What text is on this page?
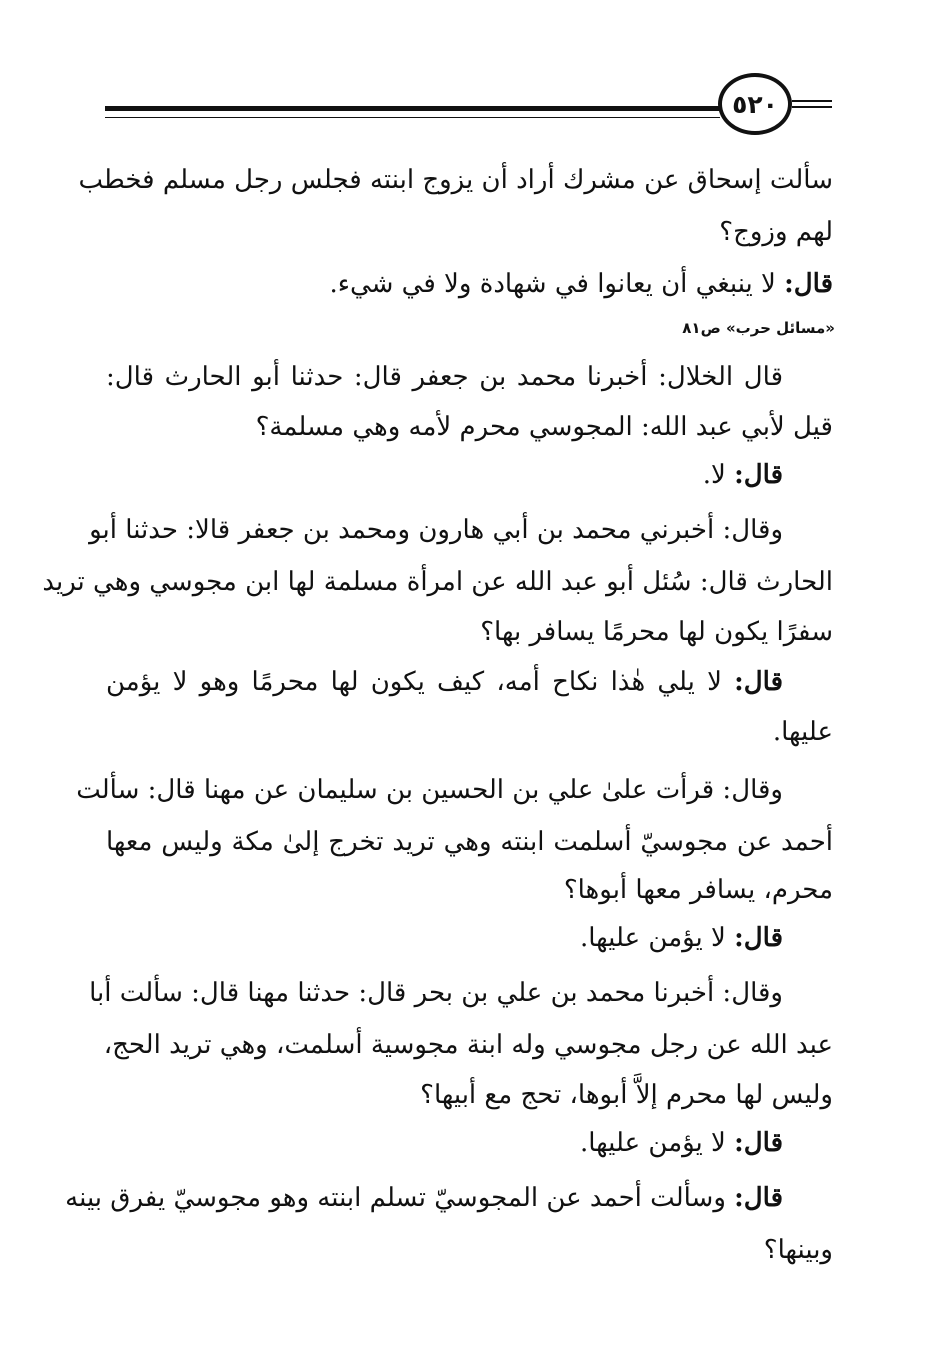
٥٢٠
سألت إسحاق عن مشرك أراد أن يزوج ابنته فجلس رجل مسلم فخطب
لهم وزوج؟
قال: لا ينبغي أن يعانوا في شهادة ولا في شيء.
«مسائل حرب» ص٨١
قال الخلال: أخبرنا محمد بن جعفر قال: حدثنا أبو الحارث قال:
قيل لأبي عبد الله: المجوسي محرم لأمه وهي مسلمة؟
قال: لا.
وقال: أخبرني محمد بن أبي هارون ومحمد بن جعفر قالا: حدثنا أبو
الحارث قال: سُئل أبو عبد الله عن امرأة مسلمة لها ابن مجوسي وهي تريد
سفرًا يكون لها محرمًا يسافر بها؟
قال: لا يلي هٰذا نكاح أمه، كيف يكون لها محرمًا وهو لا يؤمن
عليها.
وقال: قرأت علىٰ علي بن الحسين بن سليمان عن مهنا قال: سألت
أحمد عن مجوسيّ أسلمت ابنته وهي تريد تخرج إلىٰ مكة وليس معها
محرم، يسافر معها أبوها؟
قال: لا يؤمن عليها.
وقال: أخبرنا محمد بن علي بن بحر قال: حدثنا مهنا قال: سألت أبا
عبد الله عن رجل مجوسي وله ابنة مجوسية أسلمت، وهي تريد الحج،
وليس لها محرم إلاَّ أبوها، تحج مع أبيها؟
قال: لا يؤمن عليها.
قال: وسألت أحمد عن المجوسيّ تسلم ابنته وهو مجوسيّ يفرق بينه
وبينها؟
